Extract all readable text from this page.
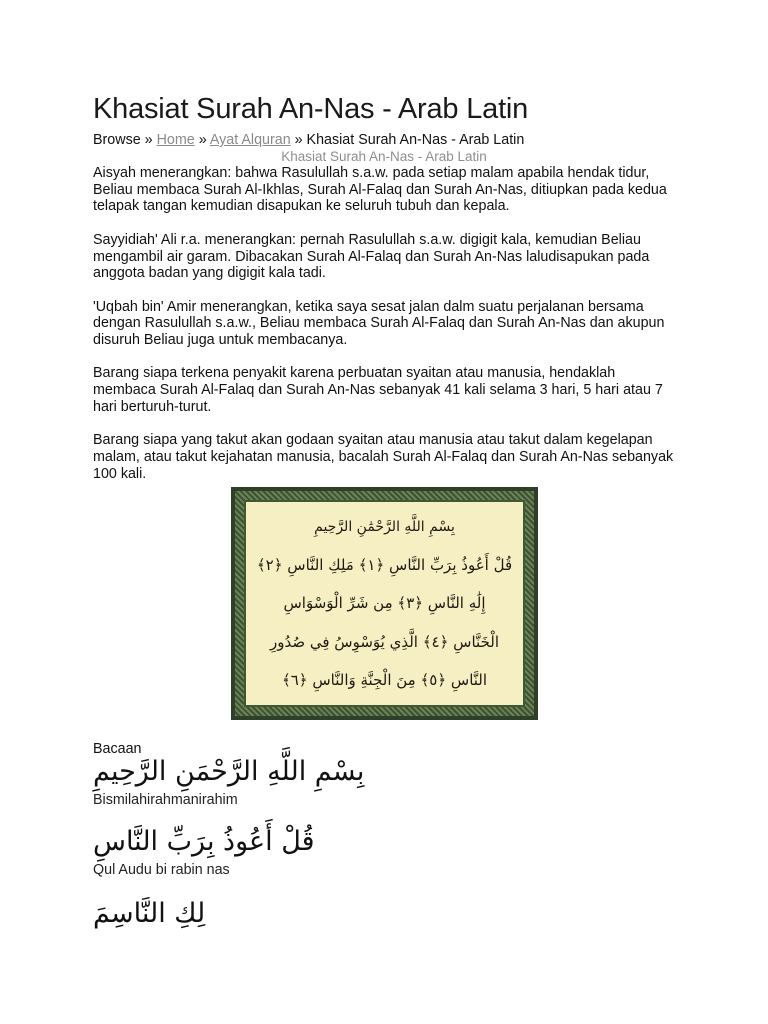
Khasiat Surah An-Nas - Arab Latin
Browse » Home » Ayat Alquran » Khasiat Surah An-Nas - Arab Latin
Khasiat Surah An-Nas - Arab Latin

Aisyah menerangkan: bahwa Rasulullah s.a.w. pada setiap malam apabila hendak tidur, Beliau membaca Surah Al-Ikhlas, Surah Al-Falaq dan Surah An-Nas, ditiupkan pada kedua telapak tangan kemudian disapukan ke seluruh tubuh dan kepala.

Sayyidiah' Ali r.a. menerangkan: pernah Rasulullah s.a.w. digigit kala, kemudian Beliau mengambil air garam. Dibacakan Surah Al-Falaq dan Surah An-Nas laludisapukan pada anggota badan yang digigit kala tadi.

'Uqbah bin' Amir menerangkan, ketika saya sesat jalan dalm suatu perjalanan bersama dengan Rasulullah s.a.w., Beliau membaca Surah Al-Falaq dan Surah An-Nas dan akupun disuruh Beliau juga untuk membacanya.

Barang siapa terkena penyakit karena perbuatan syaitan atau manusia, hendaklah membaca Surah Al-Falaq dan Surah An-Nas sebanyak 41 kali selama 3 hari, 5 hari atau 7 hari berturuh-turut.

Barang siapa yang takut akan godaan syaitan atau manusia atau takut dalam kegelapan malam, atau takut kejahatan manusia, bacalah Surah Al-Falaq dan Surah An-Nas sebanyak 100 kali.

بِسْمِ اللَّهِ الرَّحْمَٰنِ الرَّحِيمِ
قُلْ أَعُوذُ بِرَبِّ النَّاسِ ﴿١﴾ مَلِكِ النَّاسِ ﴿٢﴾
إِلَٰهِ النَّاسِ ﴿٣﴾ مِن شَرِّ الْوَسْوَاسِ
الْخَنَّاسِ ﴿٤﴾ الَّذِي يُوَسْوِسُ فِي صُدُورِ
النَّاسِ ﴿٥﴾ مِنَ الْجِنَّةِ وَالنَّاسِ ﴿٦﴾
Bacaan
بِسْمِ اللَّهِ الرَّحْمَنِ الرَّحِيمِ
Bismilahirahmanirahim
قُلْ أَعُوذُ بِرَبِّ النَّاسِ
Qul Audu bi rabin nas
لِكِ النَّاسِمَ
